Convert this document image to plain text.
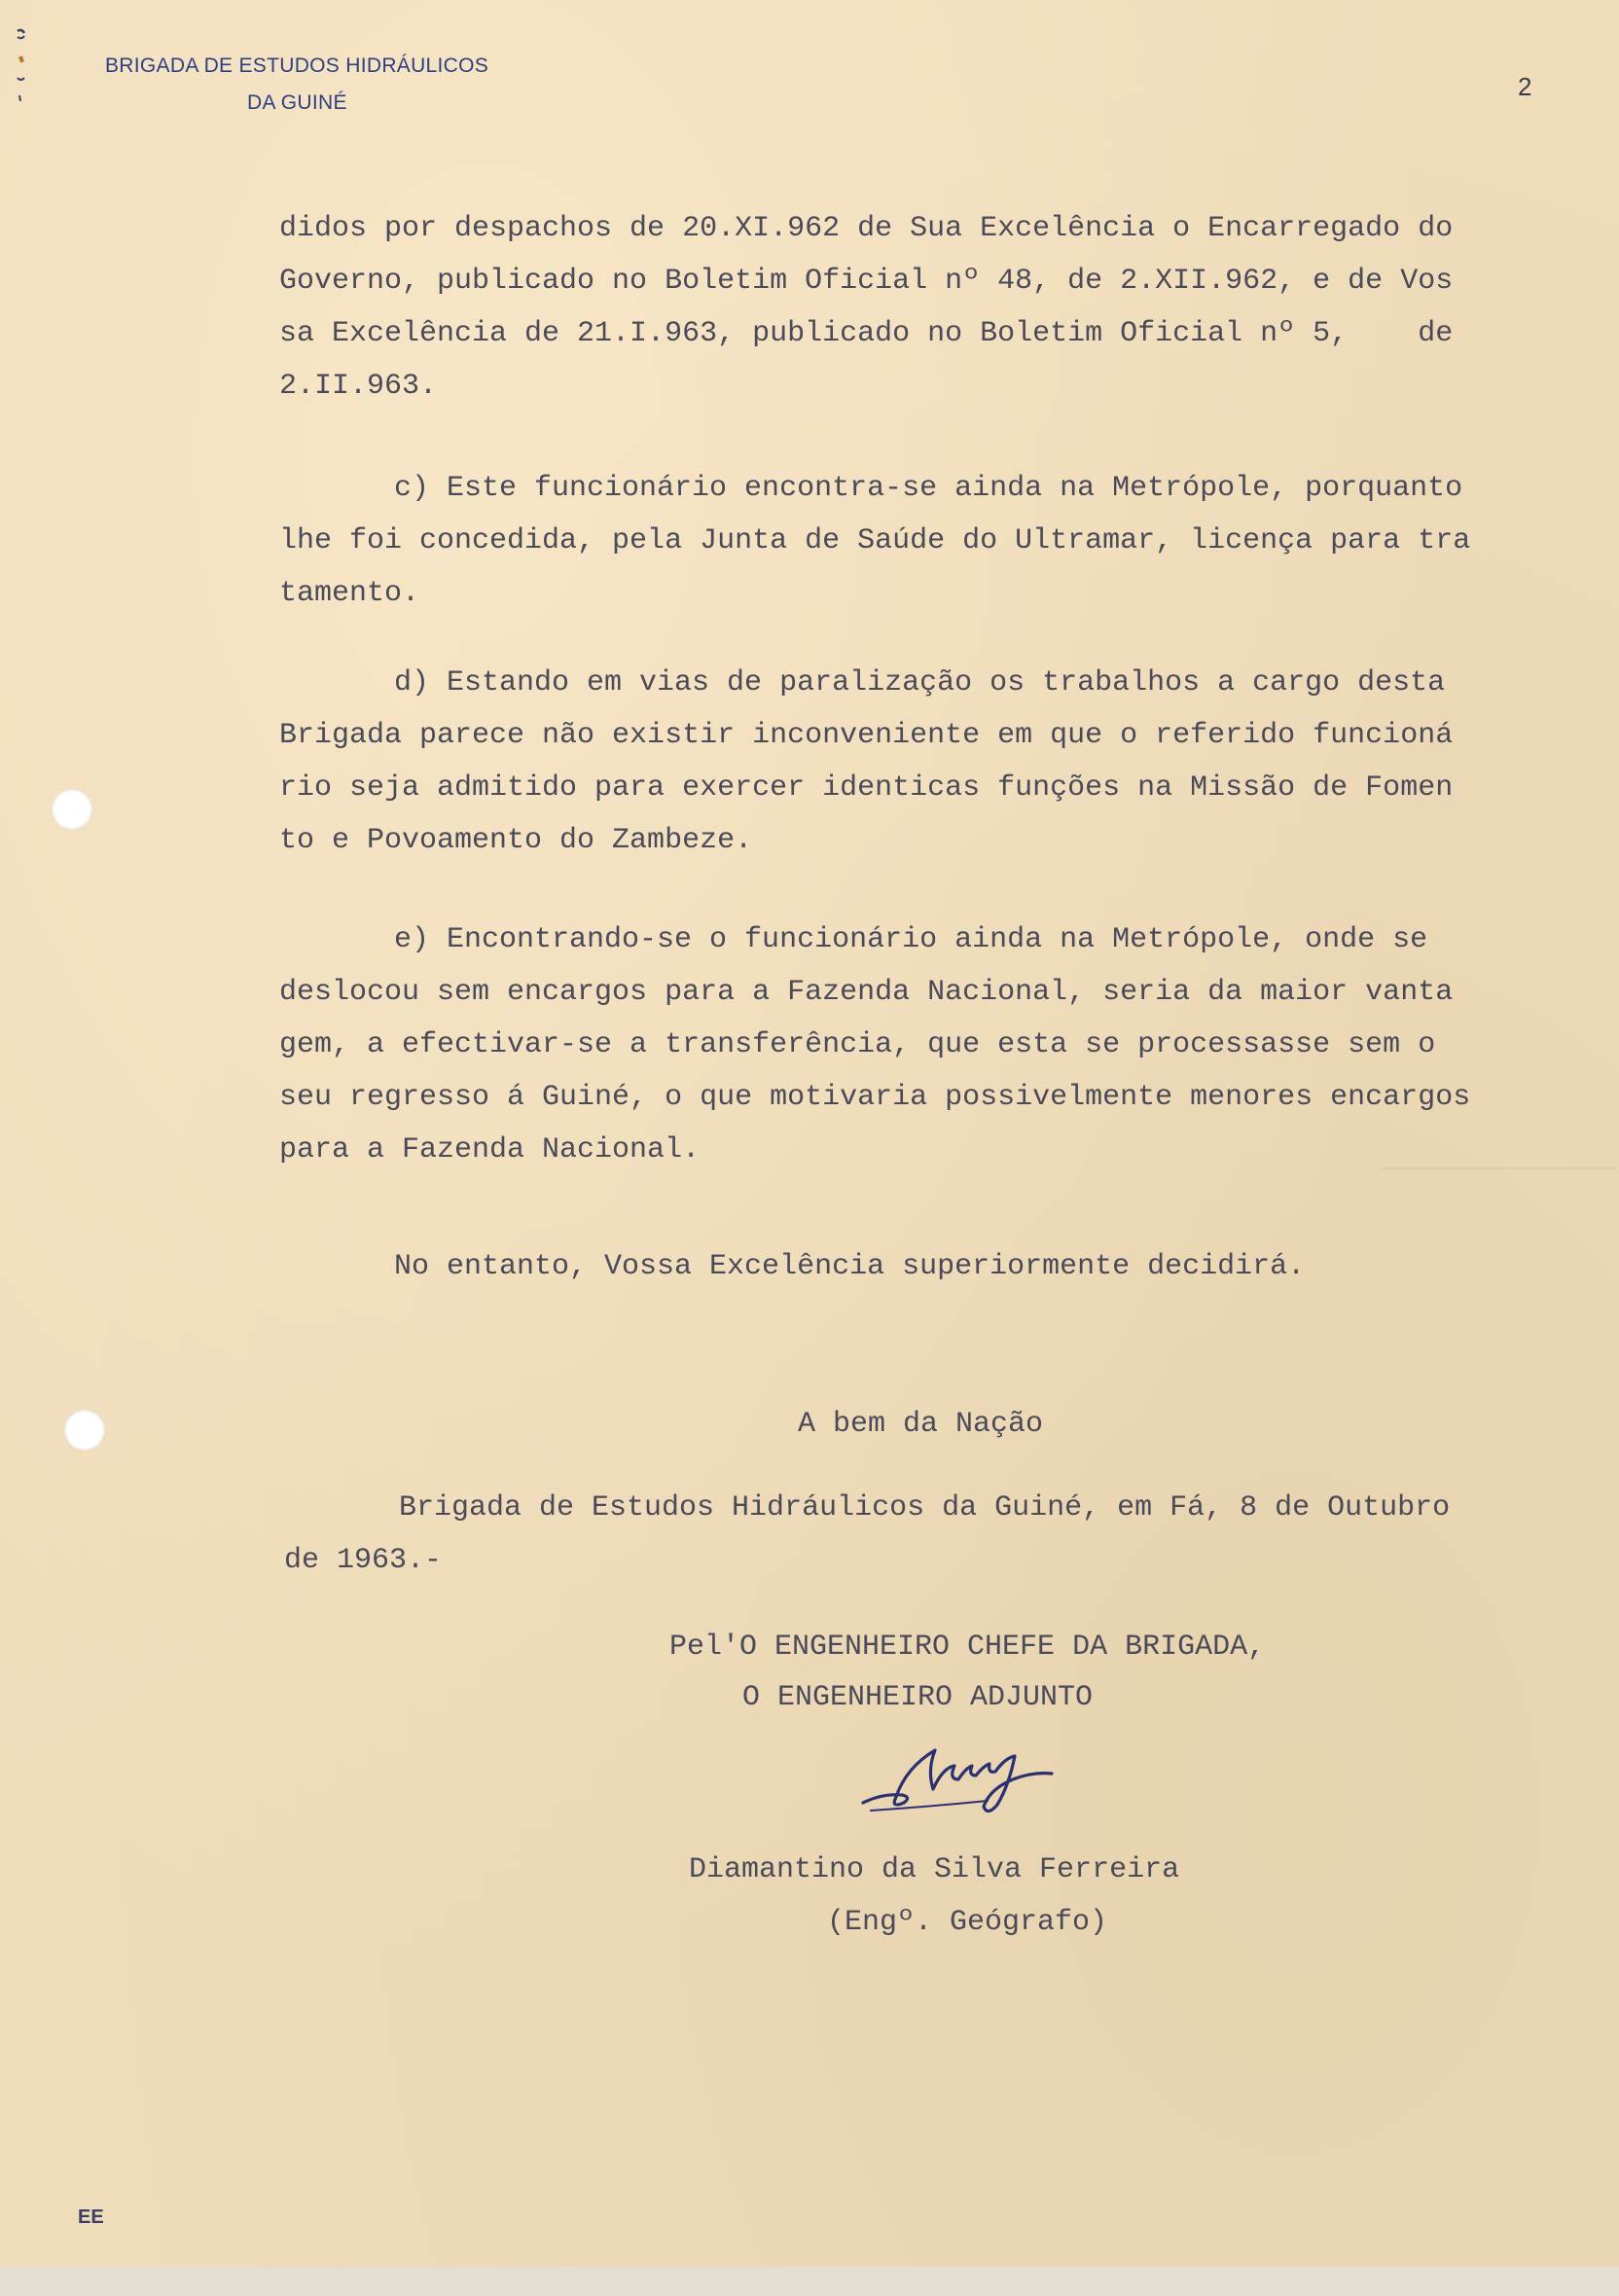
BRIGADA DE ESTUDOS HIDRÁULICOS
DA GUINÉ
2

didos por despachos de 20.XI.962 de Sua Excelência o Encarregado do

Governo, publicado no Boletim Oficial nº 48, de 2.XII.962, e de Vos

sa Excelência de 21.I.963, publicado no Boletim Oficial nº 5,    de

2.II.963.

c) Este funcionário encontra-se ainda na Metrópole, porquanto

lhe foi concedida, pela Junta de Saúde do Ultramar, licença para tra

tamento.

d) Estando em vias de paralização os trabalhos a cargo desta

Brigada parece não existir inconveniente em que o referido funcioná

rio seja admitido para exercer identicas funções na Missão de Fomen

to e Povoamento do Zambeze.

e) Encontrando-se o funcionário ainda na Metrópole, onde se

deslocou sem encargos para a Fazenda Nacional, seria da maior vanta

gem, a efectivar-se a transferência, que esta se processasse sem o

seu regresso á Guiné, o que motivaria possivelmente menores encargos

para a Fazenda Nacional.

No entanto, Vossa Excelência superiormente decidirá.

A bem da Nação

Brigada de Estudos Hidráulicos da Guiné, em Fá, 8 de Outubro

de 1963.-

Pel'O ENGENHEIRO CHEFE DA BRIGADA,

O ENGENHEIRO ADJUNTO

Diamantino da Silva Ferreira

(Engº. Geógrafo)

EE
